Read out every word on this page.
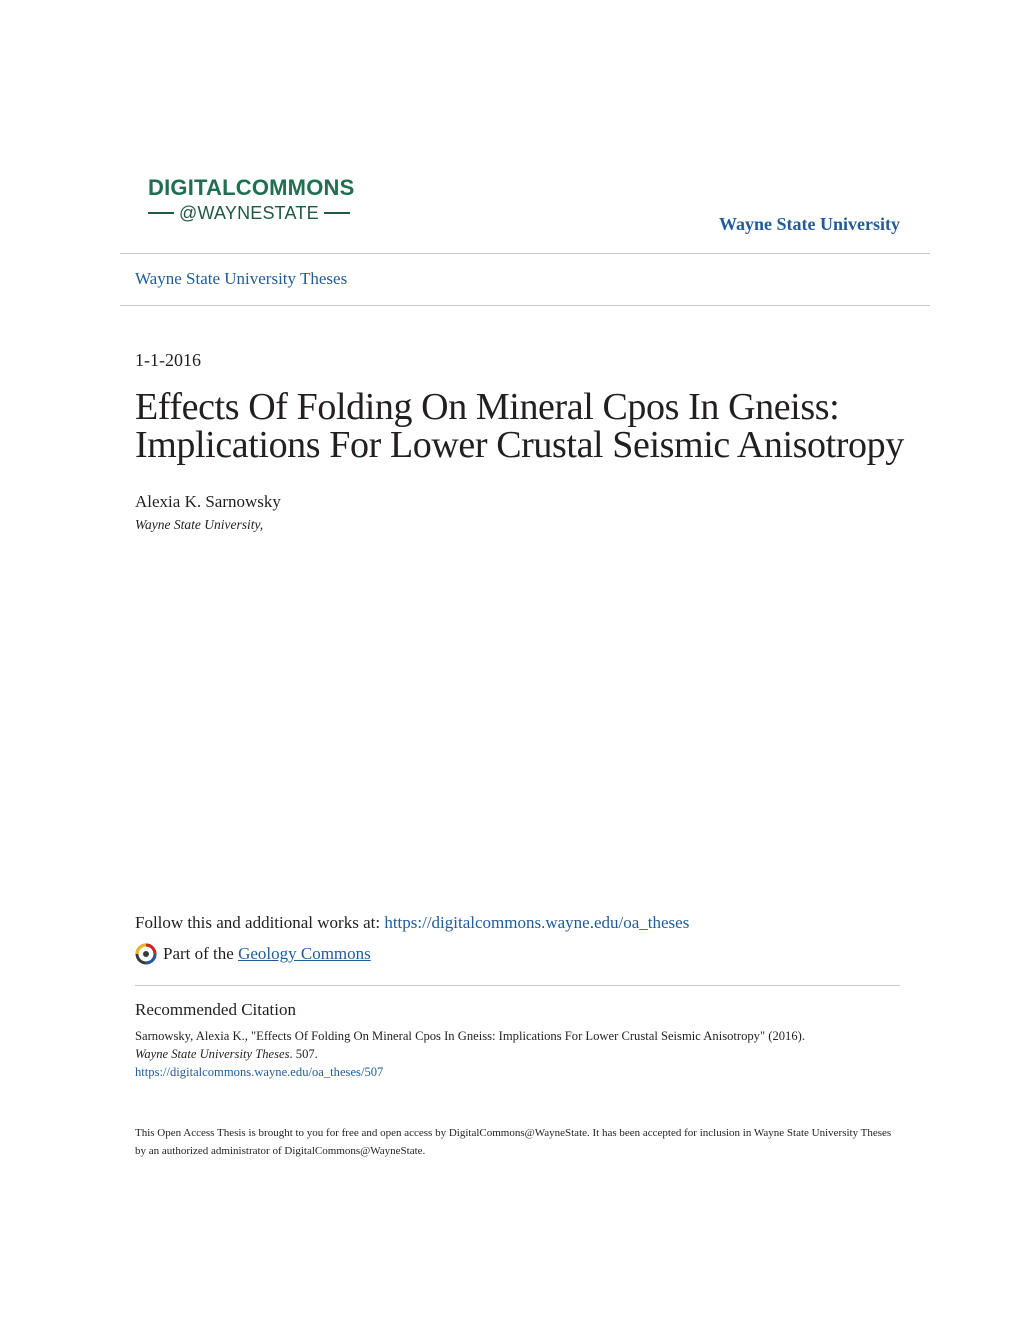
DIGITALCOMMONS
@WAYNESTATE
Wayne State University
Wayne State University Theses
1-1-2016
Effects Of Folding On Mineral Cpos In Gneiss: Implications For Lower Crustal Seismic Anisotropy
Alexia K. Sarnowsky
Wayne State University,
Follow this and additional works at: https://digitalcommons.wayne.edu/oa_theses
Part of the
Geology Commons
Recommended Citation
Sarnowsky, Alexia K., "Effects Of Folding On Mineral Cpos In Gneiss: Implications For Lower Crustal Seismic Anisotropy" (2016).
Wayne State University Theses. 507.
https://digitalcommons.wayne.edu/oa_theses/507
This Open Access Thesis is brought to you for free and open access by DigitalCommons@WayneState. It has been accepted for inclusion in Wayne State University Theses by an authorized administrator of DigitalCommons@WayneState.
